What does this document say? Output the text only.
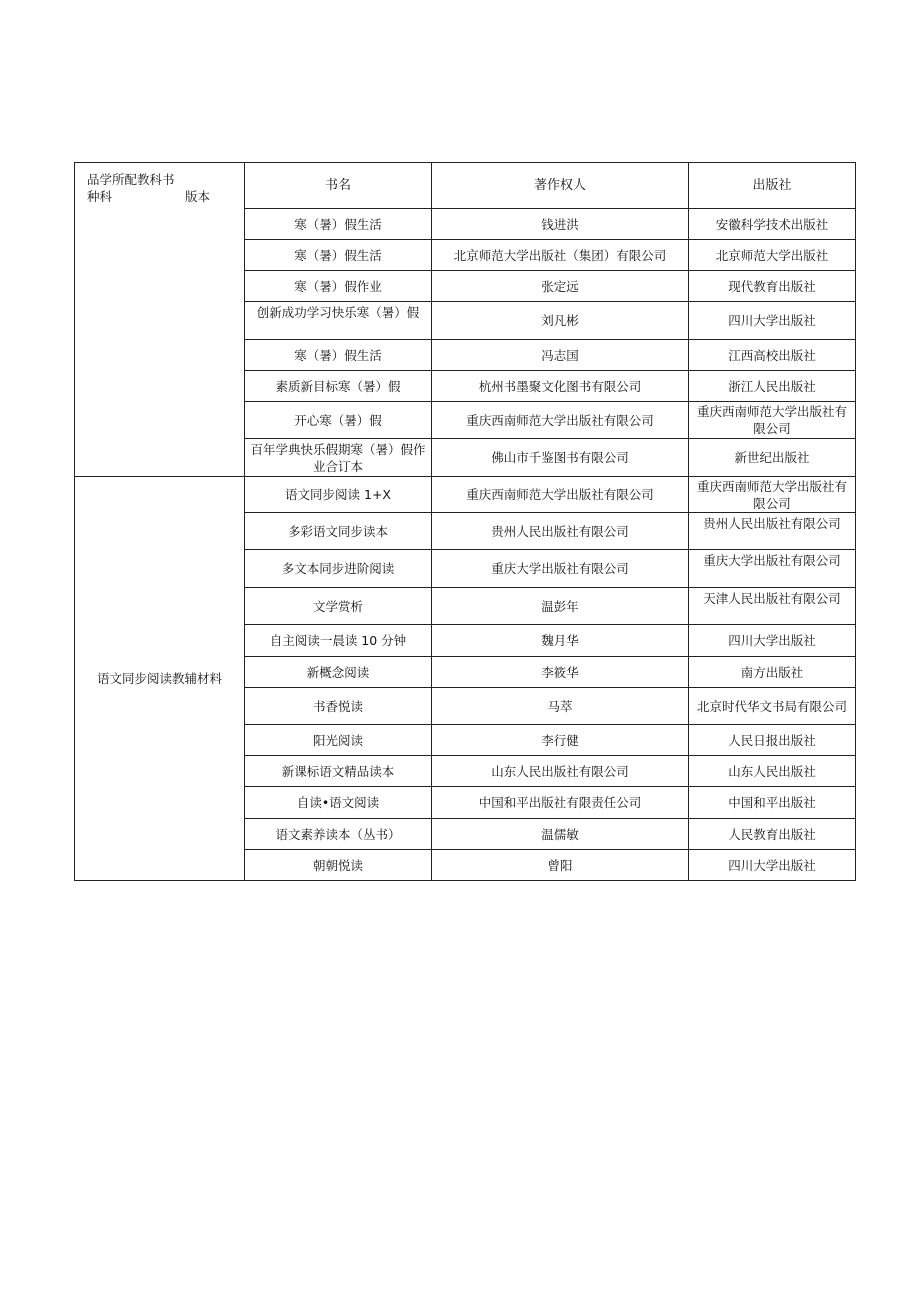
品学所配教科书
种科 版本	书名	著作权人	出版社
	寒（暑）假生活	钱进洪	安徽科学技术出版社
	寒（暑）假生活	北京师范大学出版社（集团）有限公司	北京师范大学出版社
	寒（暑）假作业	张定远	现代教育出版社
	创新成功学习快乐寒（暑）假	刘凡彬	四川大学出版社
	寒（暑）假生活	冯志国	江西高校出版社
	素质新目标寒（暑）假	杭州书墨聚文化图书有限公司	浙江人民出版社
	开心寒（暑）假	重庆西南师范大学出版社有限公司	重庆西南师范大学出版社有限公司
	百年学典快乐假期寒（暑）假作业合订本	佛山市千鉴图书有限公司	新世纪出版社
语文同步阅读教辅材料	语文同步阅读 1+X	重庆西南师范大学出版社有限公司	重庆西南师范大学出版社有限公司
	多彩语文同步读本	贵州人民出版社有限公司	贵州人民出版社有限公司
	多文本同步进阶阅读	重庆大学出版社有限公司	重庆大学出版社有限公司
	文学赏析	温彭年	天津人民出版社有限公司
	自主阅读一晨读 10 分钟	魏月华	四川大学出版社
	新概念阅读	李筱华	南方出版社
	书香悦读	马萃	北京时代华文书局有限公司
	阳光阅读	李行健	人民日报出版社
	新课标语文精品读本	山东人民出版社有限公司	山东人民出版社
	自读•语文阅读	中国和平出版社有限责任公司	中国和平出版社
	语文素养读本（丛书）	温儒敏	人民教育出版社
	朝朝悦读	曾阳	四川大学出版社
